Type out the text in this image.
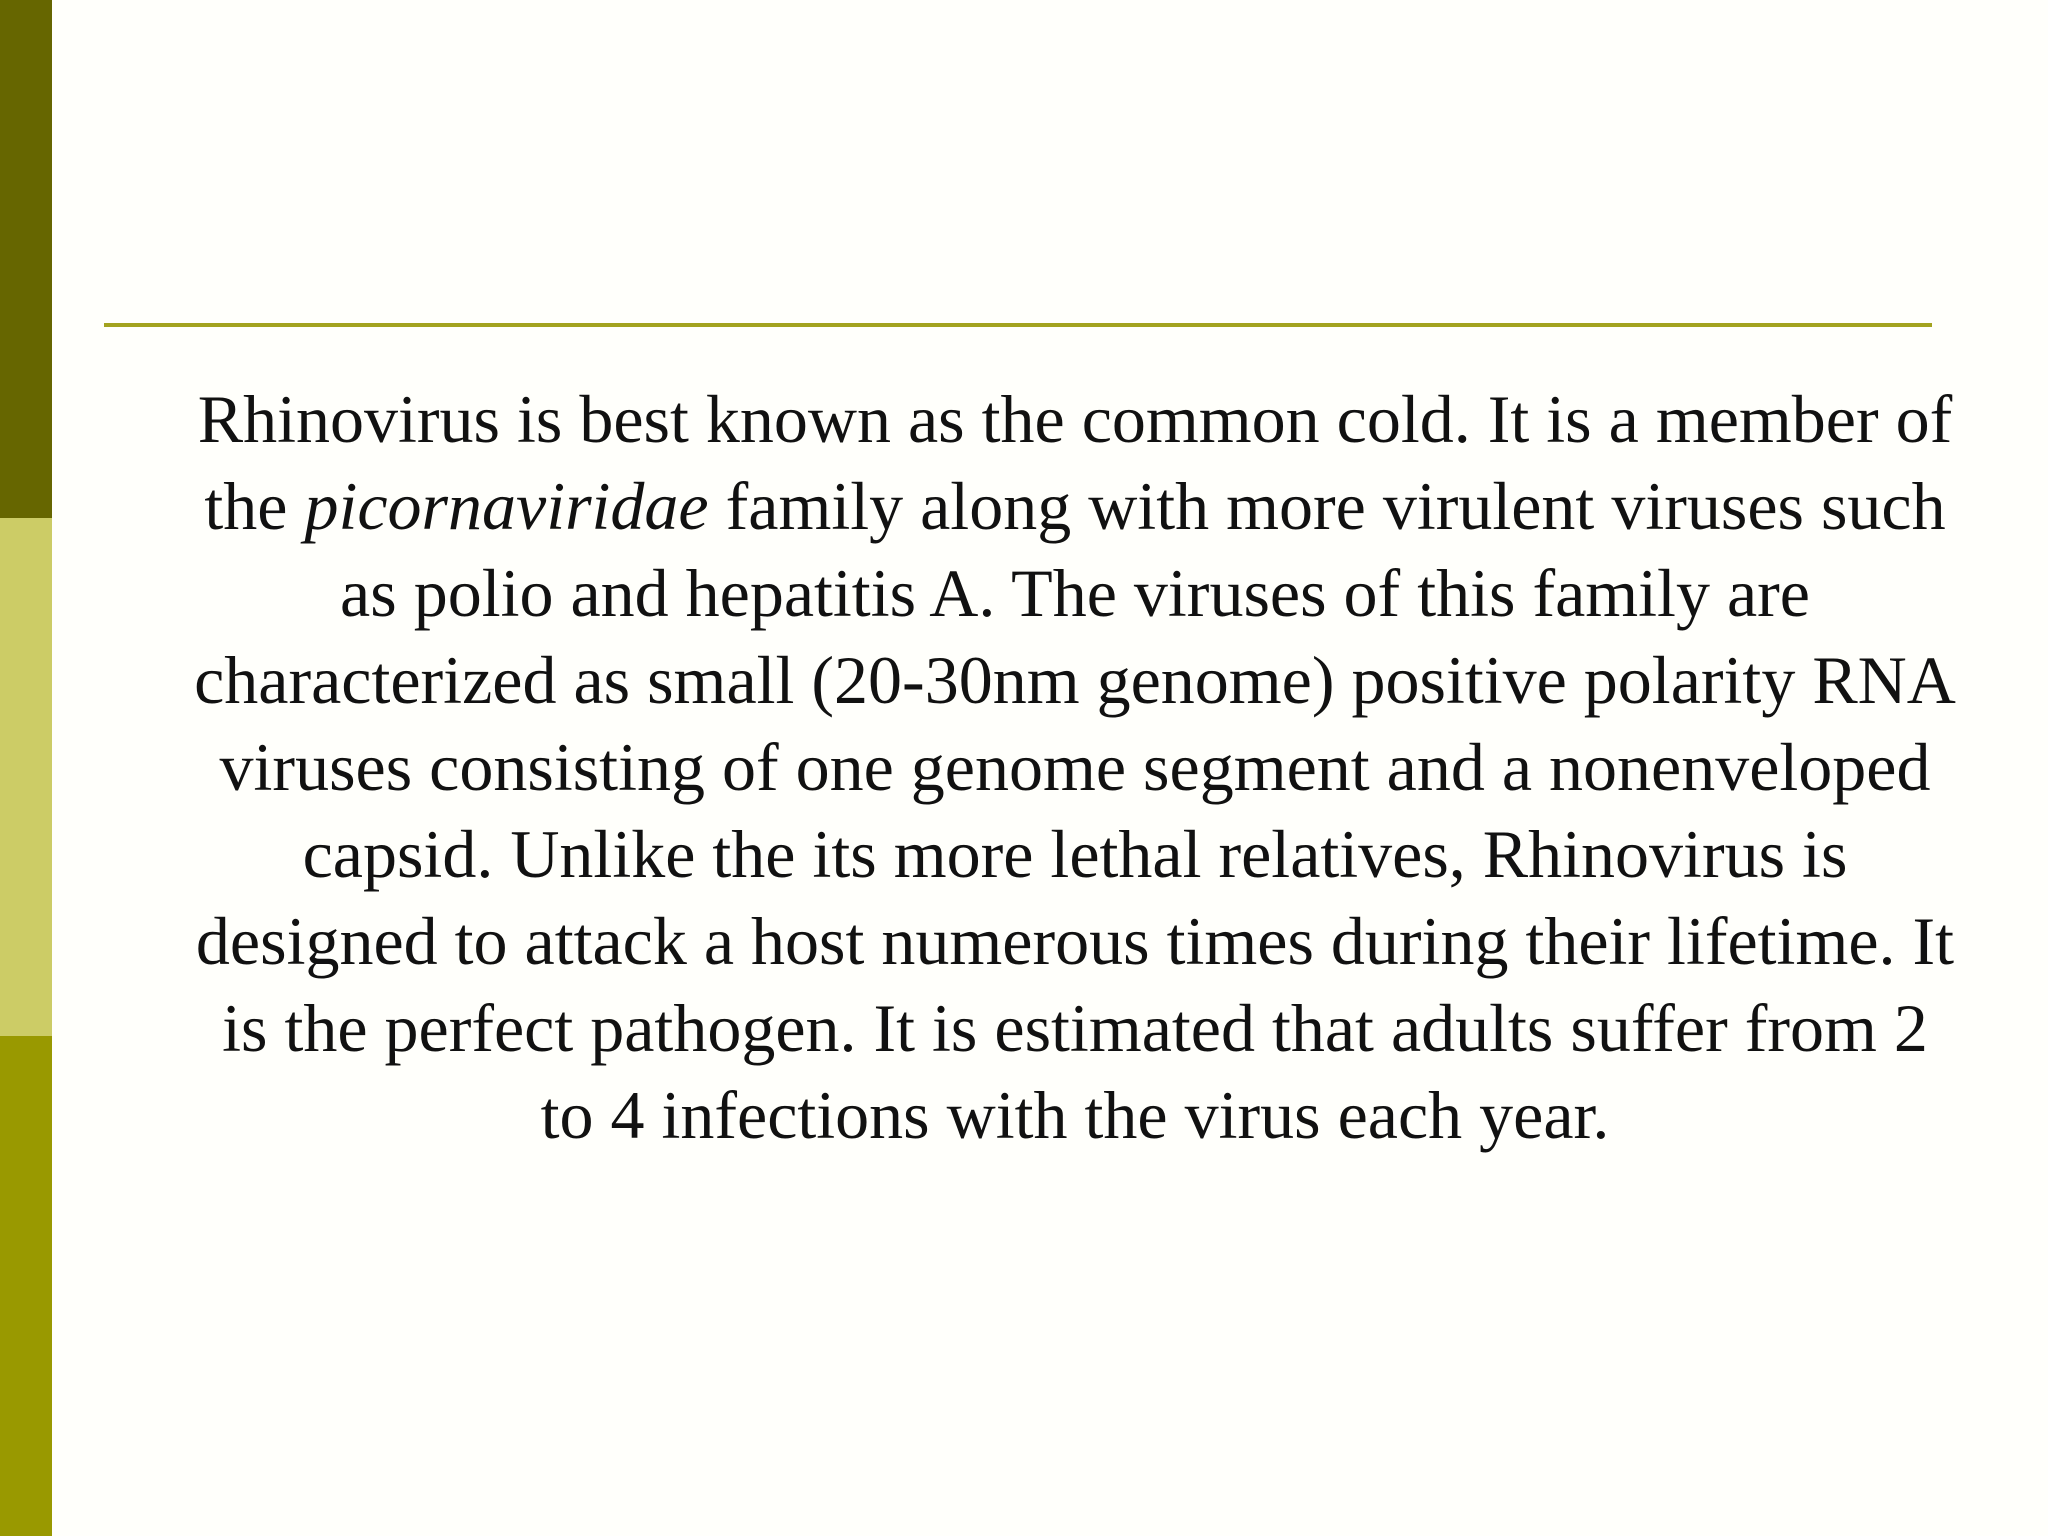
Rhinovirus is best known as the common cold. It is a member of the picornaviridae family along with more virulent viruses such as polio and hepatitis A. The viruses of this family are characterized as small (20-30nm genome) positive polarity RNA viruses consisting of one genome segment and a nonenveloped capsid. Unlike the its more lethal relatives, Rhinovirus is designed to attack a host numerous times during their lifetime. It is the perfect pathogen. It is estimated that adults suffer from 2 to 4 infections with the virus each year.
